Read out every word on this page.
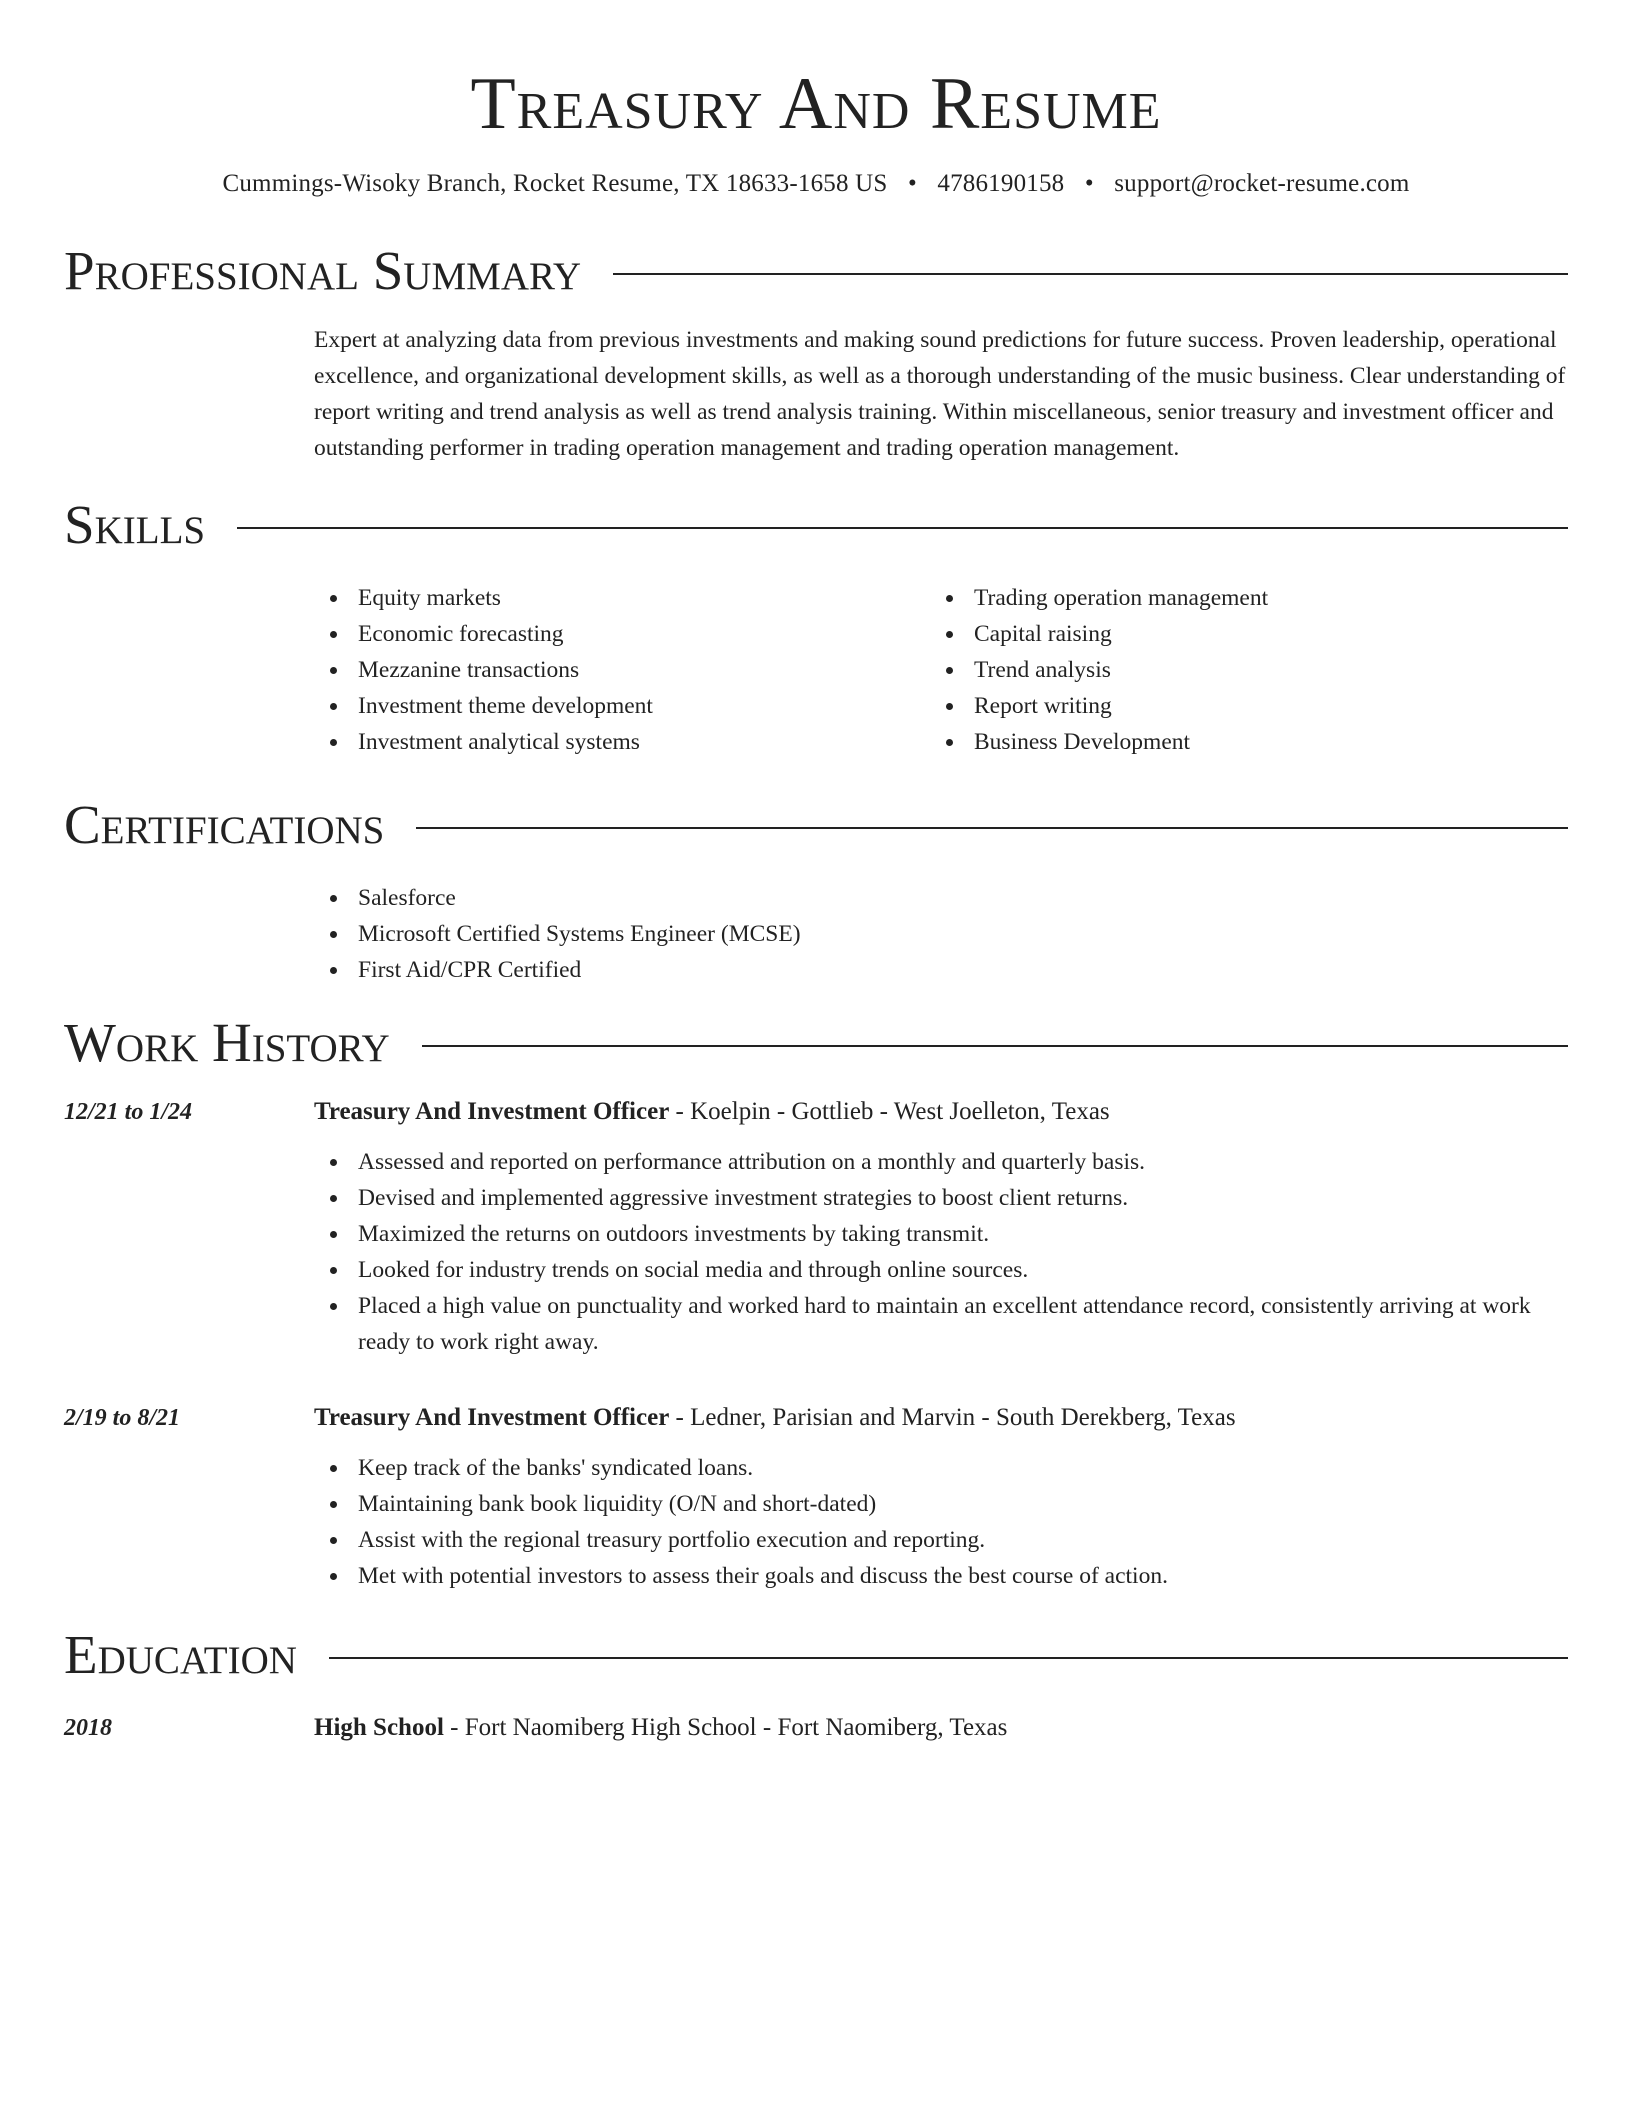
Treasury And Resume
Cummings-Wisoky Branch, Rocket Resume, TX 18633-1658 US • 4786190158 • support@rocket-resume.com
Professional Summary
Expert at analyzing data from previous investments and making sound predictions for future success. Proven leadership, operational excellence, and organizational development skills, as well as a thorough understanding of the music business. Clear understanding of report writing and trend analysis as well as trend analysis training. Within miscellaneous, senior treasury and investment officer and outstanding performer in trading operation management and trading operation management.
Skills
Equity markets
Economic forecasting
Mezzanine transactions
Investment theme development
Investment analytical systems
Trading operation management
Capital raising
Trend analysis
Report writing
Business Development
Certifications
Salesforce
Microsoft Certified Systems Engineer (MCSE)
First Aid/CPR Certified
Work History
12/21 to 1/24	Treasury And Investment Officer - Koelpin - Gottlieb - West Joelleton, Texas
Assessed and reported on performance attribution on a monthly and quarterly basis.
Devised and implemented aggressive investment strategies to boost client returns.
Maximized the returns on outdoors investments by taking transmit.
Looked for industry trends on social media and through online sources.
Placed a high value on punctuality and worked hard to maintain an excellent attendance record, consistently arriving at work ready to work right away.
2/19 to 8/21	Treasury And Investment Officer - Ledner, Parisian and Marvin - South Derekberg, Texas
Keep track of the banks' syndicated loans.
Maintaining bank book liquidity (O/N and short-dated)
Assist with the regional treasury portfolio execution and reporting.
Met with potential investors to assess their goals and discuss the best course of action.
Education
2018	High School - Fort Naomiberg High School - Fort Naomiberg, Texas
